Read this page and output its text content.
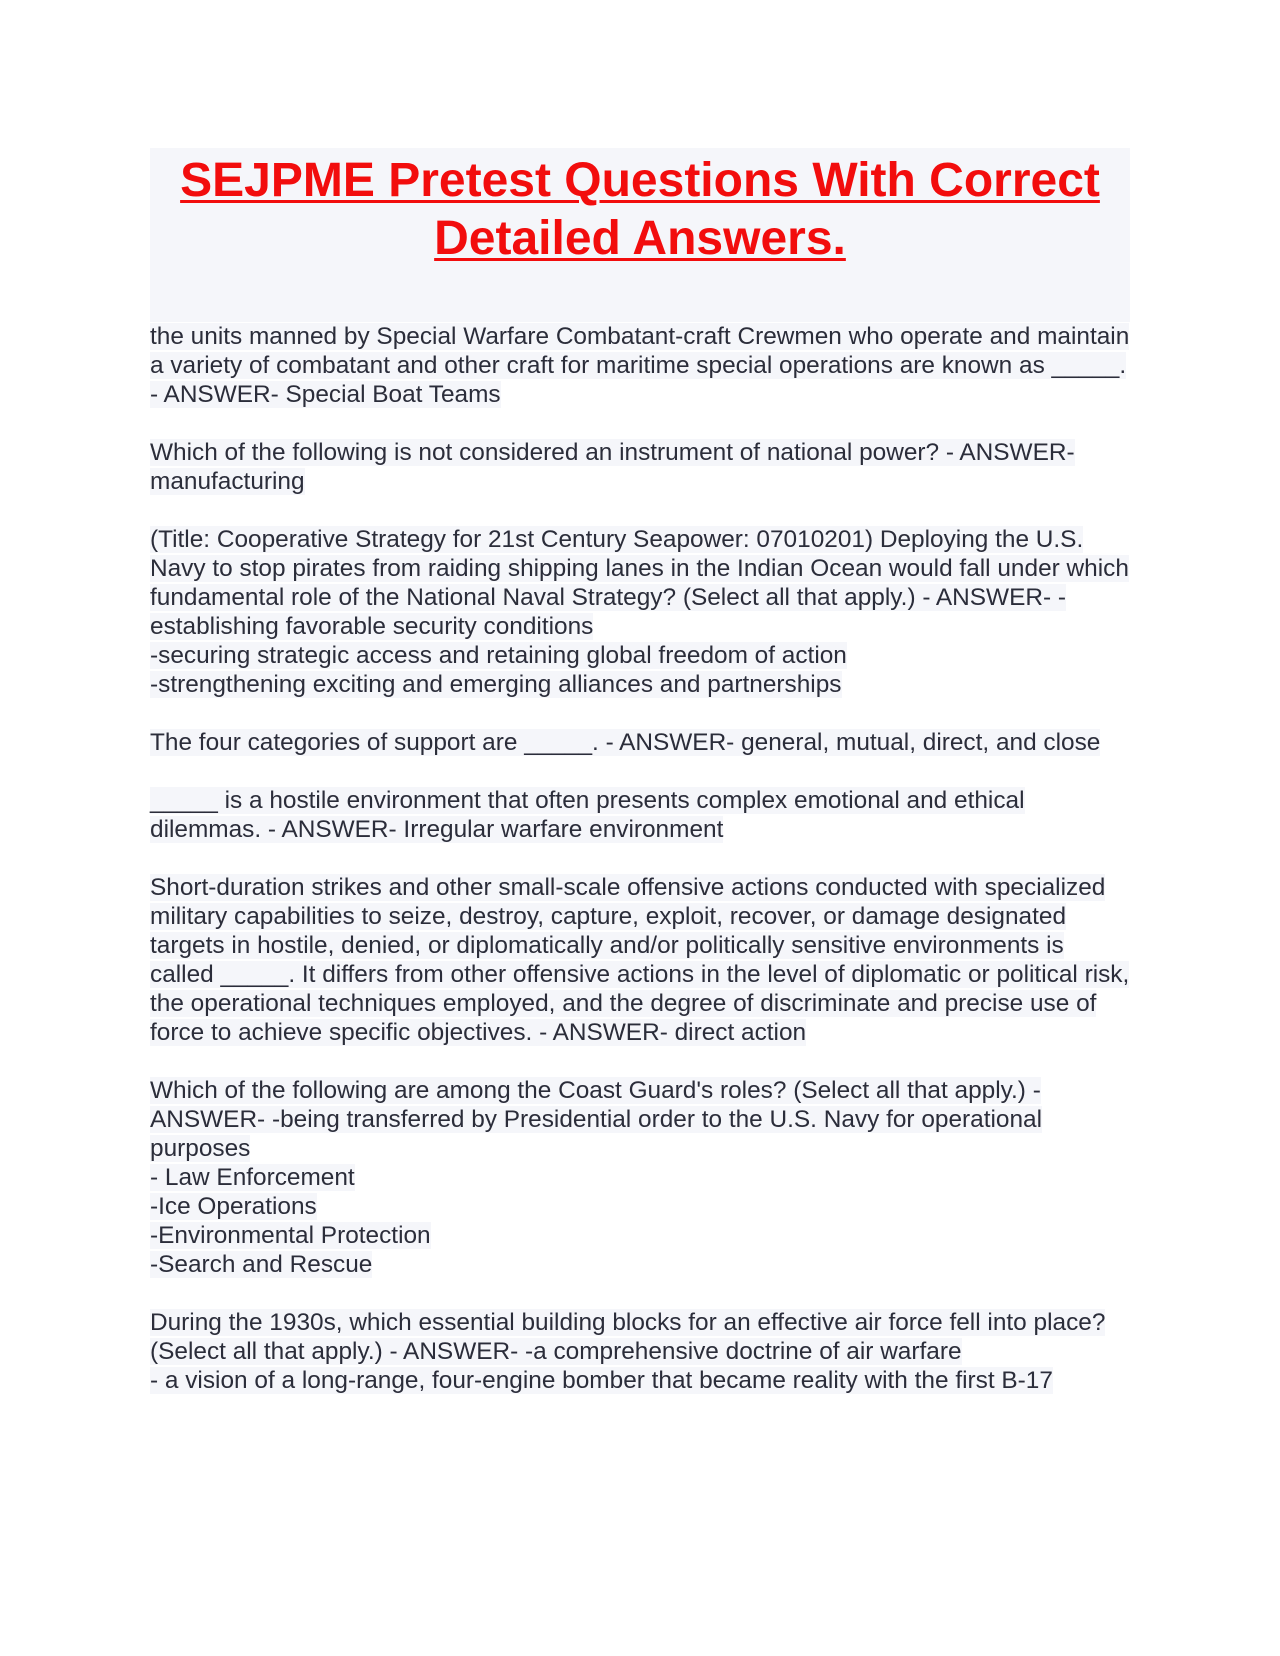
SEJPME Pretest Questions With Correct
Detailed Answers.

the units manned by Special Warfare Combatant-craft Crewmen who operate and maintain a variety of combatant and other craft for maritime special operations are known as _____. - ANSWER- Special Boat Teams

Which of the following is not considered an instrument of national power? - ANSWER- manufacturing

(Title: Cooperative Strategy for 21st Century Seapower: 07010201) Deploying the U.S. Navy to stop pirates from raiding shipping lanes in the Indian Ocean would fall under which fundamental role of the National Naval Strategy? (Select all that apply.) - ANSWER- -establishing favorable security conditions
-securing strategic access and retaining global freedom of action
-strengthening exciting and emerging alliances and partnerships

The four categories of support are _____. - ANSWER- general, mutual, direct, and close

_____ is a hostile environment that often presents complex emotional and ethical dilemmas. - ANSWER- Irregular warfare environment

Short-duration strikes and other small-scale offensive actions conducted with specialized military capabilities to seize, destroy, capture, exploit, recover, or damage designated targets in hostile, denied, or diplomatically and/or politically sensitive environments is called _____. It differs from other offensive actions in the level of diplomatic or political risk, the operational techniques employed, and the degree of discriminate and precise use of force to achieve specific objectives. - ANSWER- direct action

Which of the following are among the Coast Guard's roles? (Select all that apply.) - ANSWER- -being transferred by Presidential order to the U.S. Navy for operational purposes
- Law Enforcement
-Ice Operations
-Environmental Protection
-Search and Rescue

During the 1930s, which essential building blocks for an effective air force fell into place? (Select all that apply.) - ANSWER- -a comprehensive doctrine of air warfare
- a vision of a long-range, four-engine bomber that became reality with the first B-17
